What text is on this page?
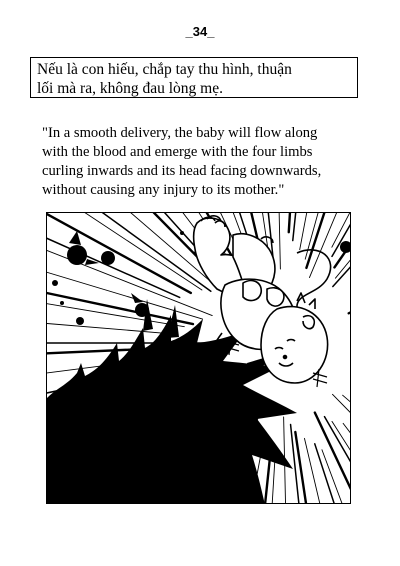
_34_
Nếu là con hiếu, chắp tay thu hình, thuận
lối mà ra, không đau lòng mẹ.
"In a smooth delivery, the baby will flow along
with the blood and emerge with the four limbs
curling inwards and its head facing downwards,
without causing any injury to its mother."
